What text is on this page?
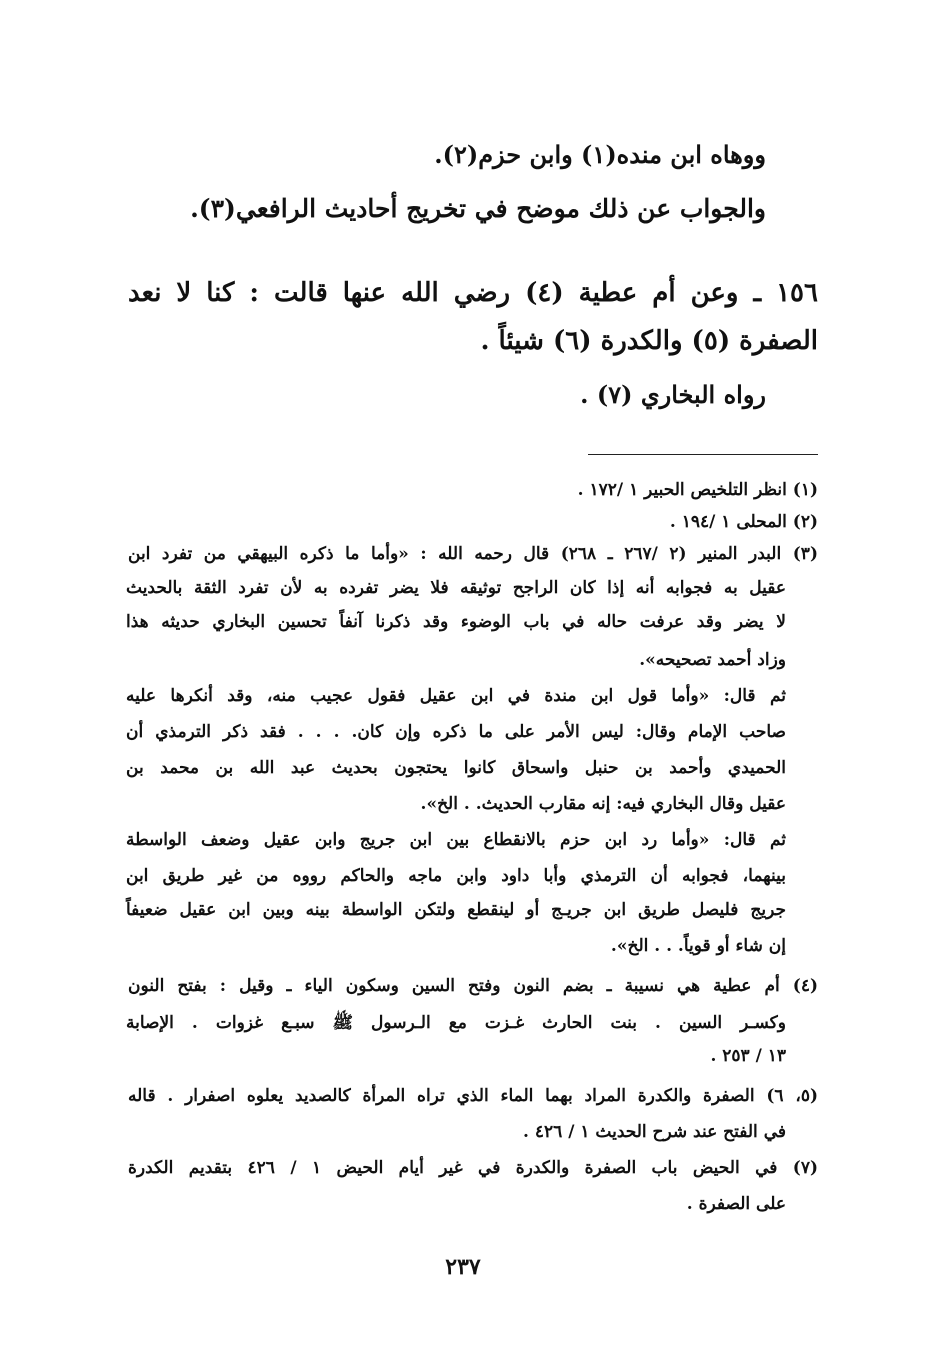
ووهاه ابن منده(١) وابن حزم(٢).

والجواب عن ذلك موضح في تخريج أحاديث الرافعي(٣).

١٥٦ ـ وعن أم عطية (٤) رضي الله عنها قالت : كنا لا نعد

الصفرة (٥) والكدرة (٦) شيئاً .

رواه البخاري (٧) .

(١) انظر التلخيص الحبير ١ /١٧٢ .

(٢) المحلى ١ /١٩٤ .

(٣) البدر المنير (٢ /٢٦٧ ـ ٢٦٨) قال رحمه الله : «وأما ما ذكره البيهقي من تفرد ابن

عقيل به فجوابه أنه إذا كان الراجح توثيقه فلا يضر تفرده به لأن تفرد الثقة بالحديث

لا يضر وقد عرفت حاله في باب الوضوء وقد ذكرنا آنفاً تحسين البخاري حديثه هذا

وزاد أحمد تصحيحه».

ثم قال: «وأما قول ابن مندة في ابن عقيل فقول عجيب منه، وقد أنكرها عليه

صاحب الإمام وقال: ليس الأمر على ما ذكره وإن كان. . . . فقد ذكر الترمذي أن

الحميدي وأحمد بن حنبل واسحاق كانوا يحتجون بحديث عبد الله بن محمد بن

عقيل وقال البخاري فيه: إنه مقارب الحديث. . الخ».

ثم قال: «وأما رد ابن حزم بالانقطاع بين ابن جريج وابن عقيل وضعف الواسطة

بينهما، فجوابه أن الترمذي وأبا داود وابن ماجه والحاكم رووه من غير طريق ابن

جريج فليصل طريق ابن جريـج أو لينقطع ولتكن الواسطة بينه وبين ابن عقيل ضعيفاً

إن شاء أو قوياً. . . الخ».

(٤) أم عطية هي نسيبة ـ بضم النون وفتح السين وسكون الياء ـ وقيل : بفتح النون

وكسـر السين . بنت الحارث غـزت مع الـرسول ﷺ سبـع غزوات . الإصابة

١٣ / ٢٥٣ .

(٥، ٦) الصفرة والكدرة المراد بهما الماء الذي تراه المرأة كالصديد يعلوه اصفرار . قاله

في الفتح عند شرح الحديث ١ / ٤٢٦ .

(٧) في الحيض باب الصفرة والكدرة في غير أيام الحيض ١ / ٤٢٦ بتقديم الكدرة

على الصفرة .

٢٣٧
